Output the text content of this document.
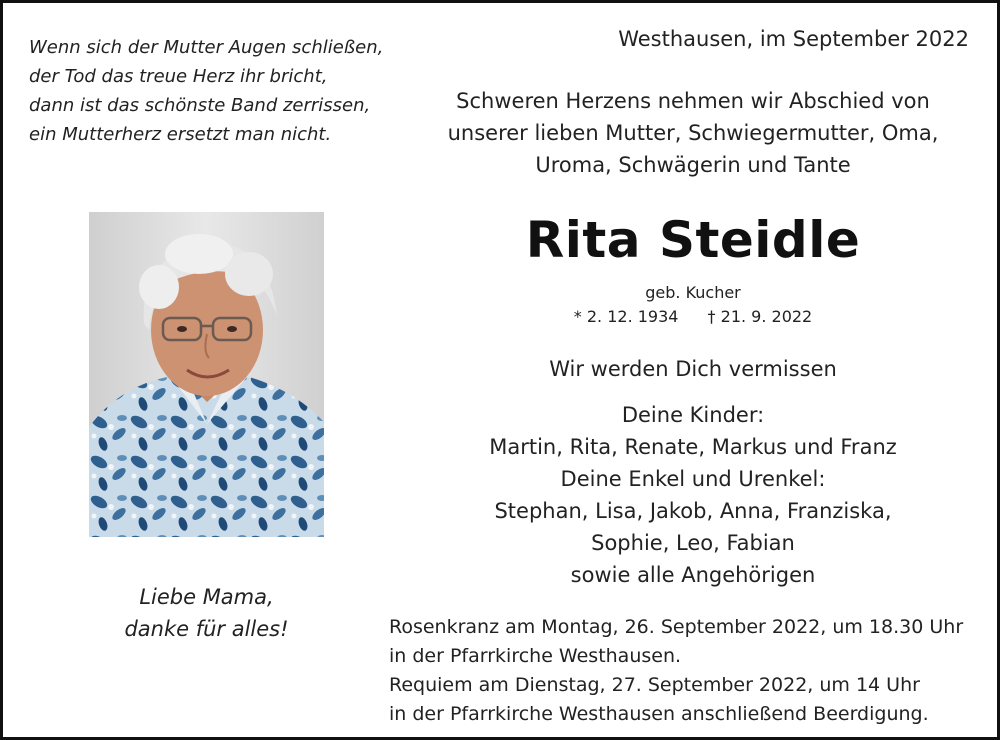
Wenn sich der Mutter Augen schließen,
der Tod das treue Herz ihr bricht,
dann ist das schönste Band zerrissen,
ein Mutterherz ersetzt man nicht.
Westhausen, im September 2022
Schweren Herzens nehmen wir Abschied von
unserer lieben Mutter, Schwiegermutter, Oma,
Uroma, Schwägerin und Tante
Rita Steidle
geb. Kucher
* 2. 12. 1934 † 21. 9. 2022
Wir werden Dich vermissen
Deine Kinder:
Martin, Rita, Renate, Markus und Franz
Deine Enkel und Urenkel:
Stephan, Lisa, Jakob, Anna, Franziska,
Sophie, Leo, Fabian
sowie alle Angehörigen
Liebe Mama,
danke für alles!	Rosenkranz am Montag, 26. September 2022, um 18.30 Uhr
in der Pfarrkirche Westhausen.
Requiem am Dienstag, 27. September 2022, um 14 Uhr
in der Pfarrkirche Westhausen anschließend Beerdigung.
